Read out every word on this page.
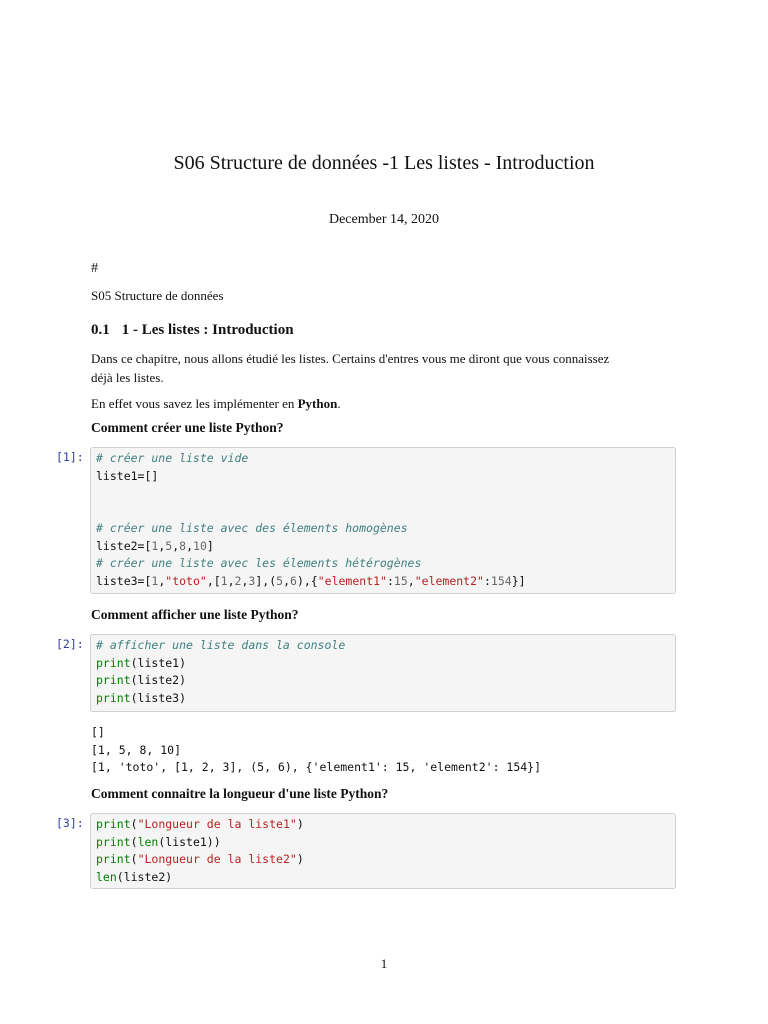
S06 Structure de données -1 Les listes - Introduction
December 14, 2020
#
S05 Structure de données
0.1 1 - Les listes : Introduction
Dans ce chapitre, nous allons étudié les listes. Certains d'entres vous me diront que vous connaissez
déjà les listes.
En effet vous savez les implémenter en Python.
Comment créer une liste Python?
[1]:	# créer une liste vide
liste1=[]

# créer une liste avec des élements homogènes
liste2=[1,5,8,10]
# créer une liste avec les élements hétérogènes
liste3=[1,"toto",[1,2,3],(5,6),{"element1":15,"element2":154}]
Comment afficher une liste Python?
[2]:	# afficher une liste dans la console
print(liste1)
print(liste2)
print(liste3)
[]
[1, 5, 8, 10]
[1, 'toto', [1, 2, 3], (5, 6), {'element1': 15, 'element2': 154}]
Comment connaitre la longueur d'une liste Python?
[3]:	print("Longueur de la liste1")
print(len(liste1))
print("Longueur de la liste2")
len(liste2)
1
